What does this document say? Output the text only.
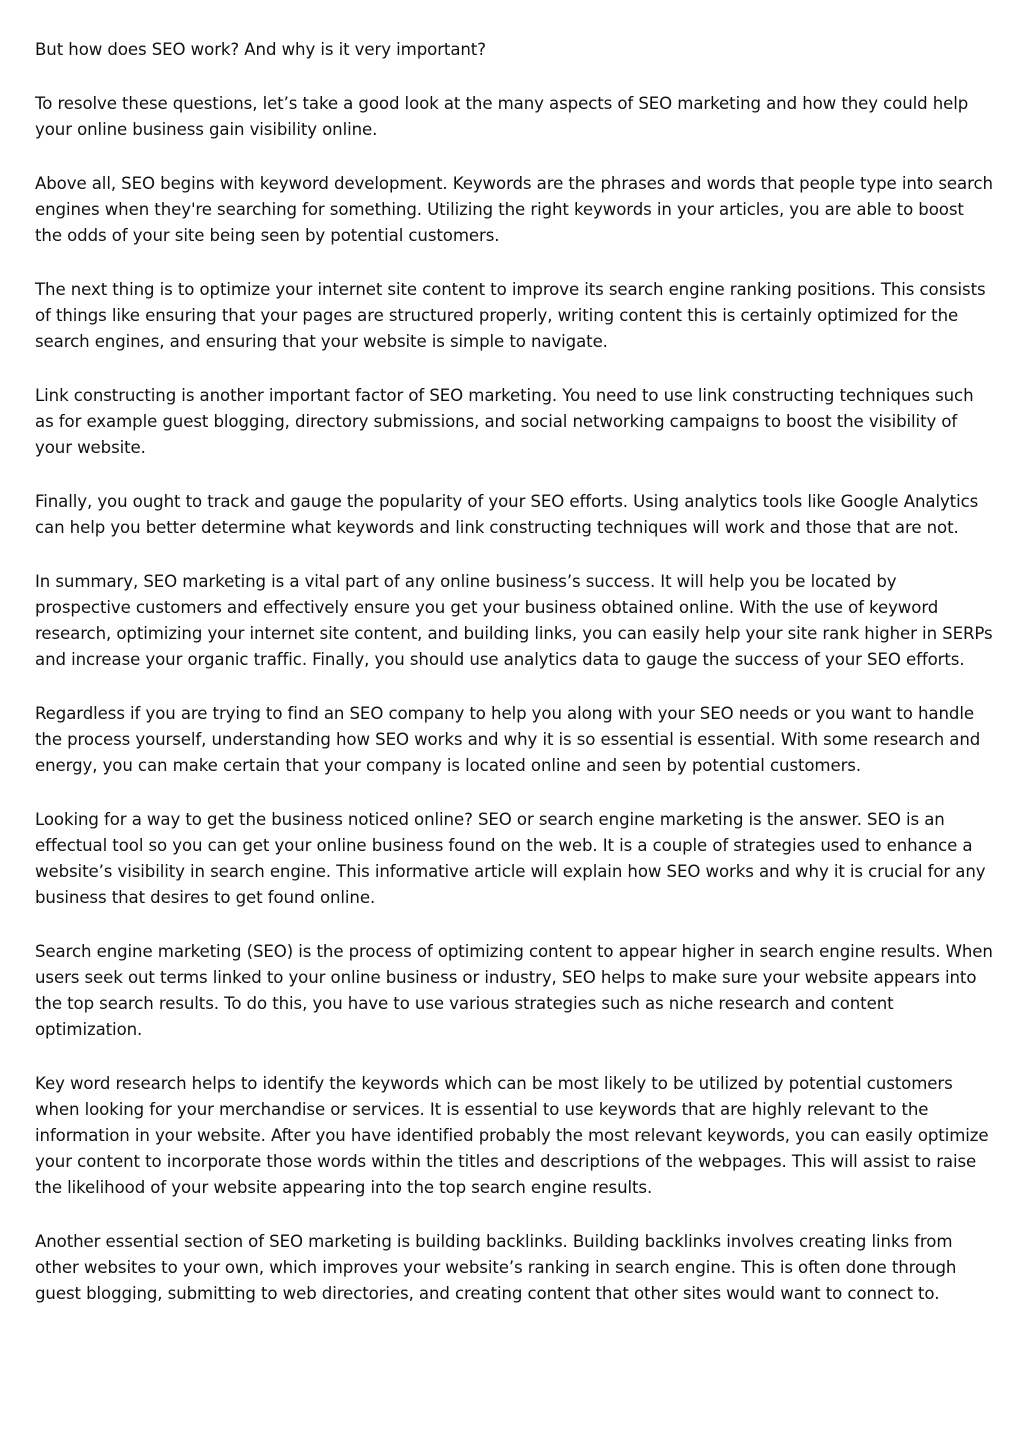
But how does SEO work? And why is it very important?

To resolve these questions, let’s take a good look at the many aspects of SEO marketing and how they could help your online business gain visibility online.

Above all, SEO begins with keyword development. Keywords are the phrases and words that people type into search engines when they're searching for something. Utilizing the right keywords in your articles, you are able to boost the odds of your site being seen by potential customers.

The next thing is to optimize your internet site content to improve its search engine ranking positions. This consists of things like ensuring that your pages are structured properly, writing content this is certainly optimized for the search engines, and ensuring that your website is simple to navigate.

Link constructing is another important factor of SEO marketing. You need to use link constructing techniques such as for example guest blogging, directory submissions, and social networking campaigns to boost the visibility of your website.

Finally, you ought to track and gauge the popularity of your SEO efforts. Using analytics tools like Google Analytics can help you better determine what keywords and link constructing techniques will work and those that are not.

In summary, SEO marketing is a vital part of any online business’s success. It will help you be located by prospective customers and effectively ensure you get your business obtained online. With the use of keyword research, optimizing your internet site content, and building links, you can easily help your site rank higher in SERPs and increase your organic traffic. Finally, you should use analytics data to gauge the success of your SEO efforts.

Regardless if you are trying to find an SEO company to help you along with your SEO needs or you want to handle the process yourself, understanding how SEO works and why it is so essential is essential. With some research and energy, you can make certain that your company is located online and seen by potential customers.

Looking for a way to get the business noticed online? SEO or search engine marketing is the answer. SEO is an effectual tool so you can get your online business found on the web. It is a couple of strategies used to enhance a website’s visibility in search engine. This informative article will explain how SEO works and why it is crucial for any business that desires to get found online.

Search engine marketing (SEO) is the process of optimizing content to appear higher in search engine results. When users seek out terms linked to your online business or industry, SEO helps to make sure your website appears into the top search results. To do this, you have to use various strategies such as niche research and content optimization.

Key word research helps to identify the keywords which can be most likely to be utilized by potential customers when looking for your merchandise or services. It is essential to use keywords that are highly relevant to the information in your website. After you have identified probably the most relevant keywords, you can easily optimize your content to incorporate those words within the titles and descriptions of the webpages. This will assist to raise the likelihood of your website appearing into the top search engine results.

Another essential section of SEO marketing is building backlinks. Building backlinks involves creating links from other websites to your own, which improves your website’s ranking in search engine. This is often done through guest blogging, submitting to web directories, and creating content that other sites would want to connect to.
